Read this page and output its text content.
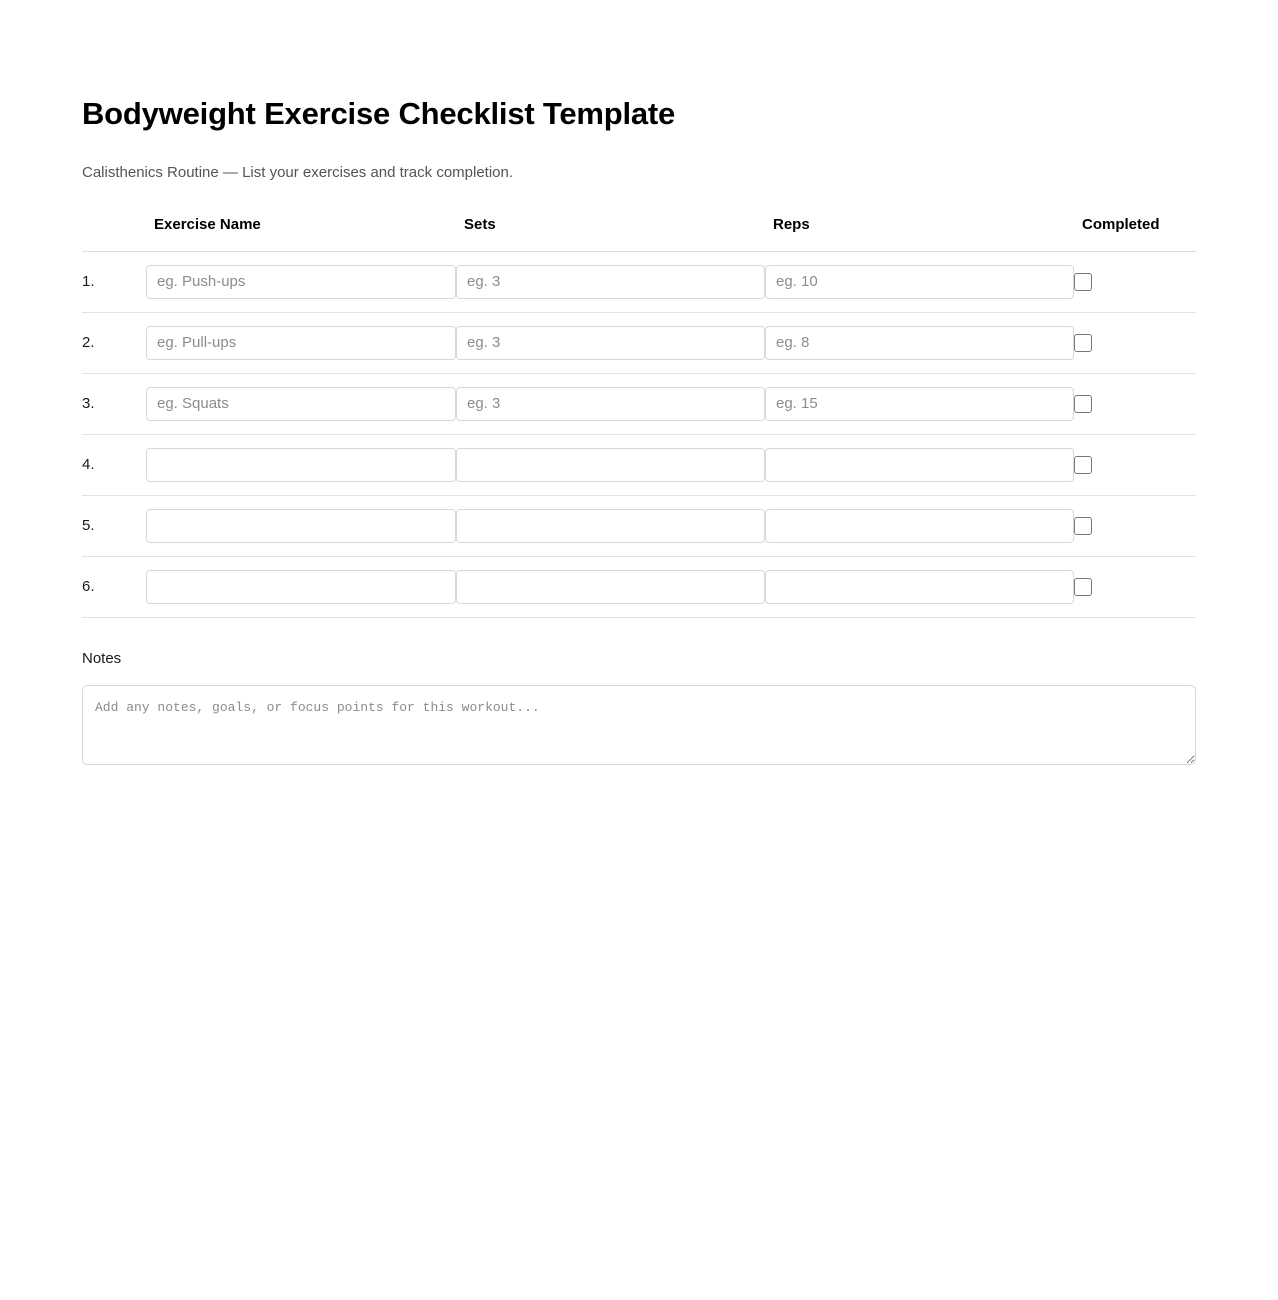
Bodyweight Exercise Checklist Template

Calisthenics Routine — List your exercises and track completion.

	Exercise Name	Sets	Reps	Completed
1.	eg. Push-ups	eg. 3	eg. 10	

2.	eg. Pull-ups	eg. 3	eg. 8	

3.	eg. Squats	eg. 3	eg. 15	

4.				

5.				

6.				
Notes
Add any notes, goals, or focus points for this workout...
